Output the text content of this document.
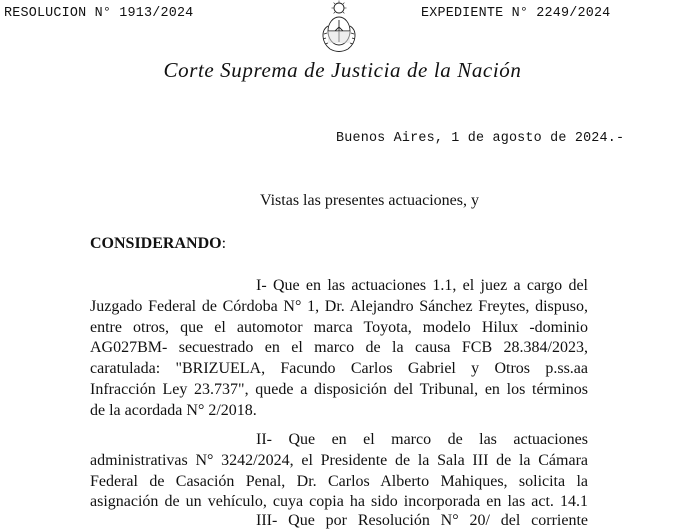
RESOLUCION N° 1913/2024	EXPEDIENTE N° 2249/2024
Corte Suprema de Justicia de la Nación
Buenos Aires, 1 de agosto de 2024.-
Vistas las presentes actuaciones, y
CONSIDERANDO:
I- Que en las actuaciones 1.1, el juez a cargo del
Juzgado Federal de Córdoba N° 1, Dr. Alejandro Sánchez Freytes, dispuso,
entre otros, que el automotor marca Toyota, modelo Hilux -dominio
AG027BM- secuestrado en el marco de la causa FCB 28.384/2023,
caratulada: "BRIZUELA, Facundo Carlos Gabriel y Otros p.ss.aa
Infracción Ley 23.737", quede a disposición del Tribunal, en los términos
de la acordada N° 2/2018.
II- Que en el marco de las actuaciones
administrativas N° 3242/2024, el Presidente de la Sala III de la Cámara
Federal de Casación Penal, Dr. Carlos Alberto Mahiques, solicita la
asignación de un vehículo, cuya copia ha sido incorporada en las act. 14.1
III- Que por Resolución N° 20/ del corriente
